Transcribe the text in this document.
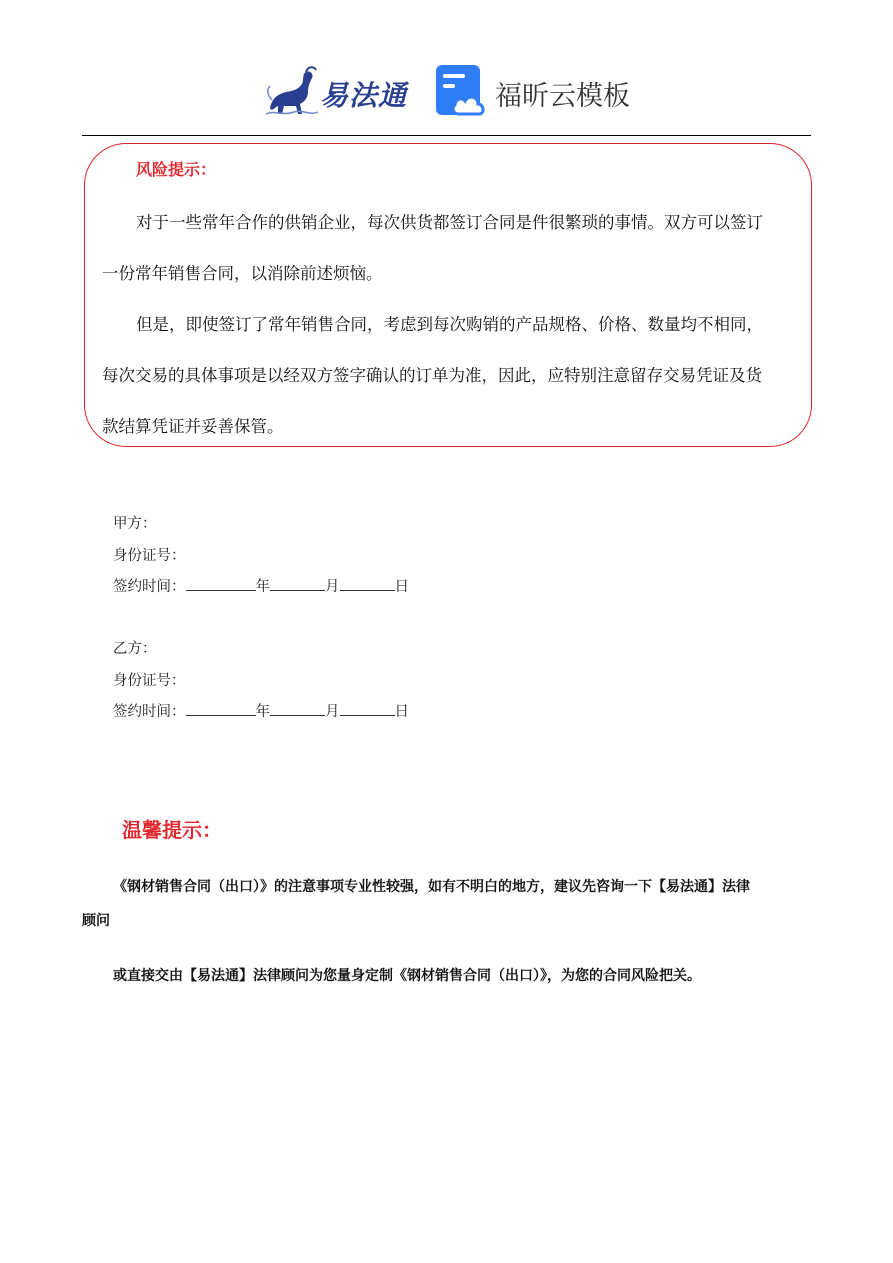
易法通	福昕云模板
风险提示：
对于一些常年合作的供销企业，每次供货都签订合同是件很繁琐的事情。双方可以签订
一份常年销售合同，以消除前述烦恼。
但是，即使签订了常年销售合同，考虑到每次购销的产品规格、价格、数量均不相同，
每次交易的具体事项是以经双方签字确认的订单为准，因此，应特别注意留存交易凭证及货
款结算凭证并妥善保管。
甲方：
身份证号：
签约时间：	年	月	日
乙方：
身份证号：
签约时间：	年	月	日
温馨提示：
《钢材销售合同（出口）》的注意事项专业性较强，如有不明白的地方，建议先咨询一下【易法通】法律
顾问
或直接交由【易法通】法律顾问为您量身定制《钢材销售合同（出口）》，为您的合同风险把关。
